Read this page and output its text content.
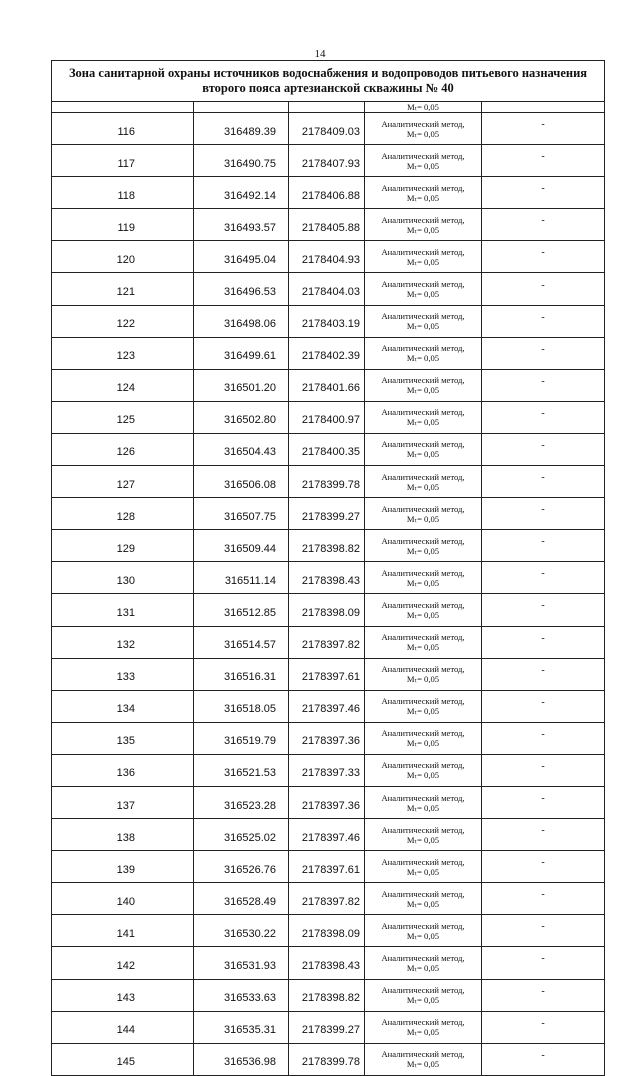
14
Зона санитарной охраны источников водоснабжения и водопроводов питьевого назначения второго пояса артезианской скважины № 40				
			Mₜ= 0,05	
116	316489.39	2178409.03	Аналитический метод,
Mₜ= 0,05	-
117	316490.75	2178407.93	Аналитический метод,
Mₜ= 0,05	-
118	316492.14	2178406.88	Аналитический метод,
Mₜ= 0,05	-
119	316493.57	2178405.88	Аналитический метод,
Mₜ= 0,05	-
120	316495.04	2178404.93	Аналитический метод,
Mₜ= 0,05	-
121	316496.53	2178404.03	Аналитический метод,
Mₜ= 0,05	-
122	316498.06	2178403.19	Аналитический метод,
Mₜ= 0,05	-
123	316499.61	2178402.39	Аналитический метод,
Mₜ= 0,05	-
124	316501.20	2178401.66	Аналитический метод,
Mₜ= 0,05	-
125	316502.80	2178400.97	Аналитический метод,
Mₜ= 0,05	-
126	316504.43	2178400.35	Аналитический метод,
Mₜ= 0,05	-
127	316506.08	2178399.78	Аналитический метод,
Mₜ= 0,05	-
128	316507.75	2178399.27	Аналитический метод,
Mₜ= 0,05	-
129	316509.44	2178398.82	Аналитический метод,
Mₜ= 0,05	-
130	316511.14	2178398.43	Аналитический метод,
Mₜ= 0,05	-
131	316512.85	2178398.09	Аналитический метод,
Mₜ= 0,05	-
132	316514.57	2178397.82	Аналитический метод,
Mₜ= 0,05	-
133	316516.31	2178397.61	Аналитический метод,
Mₜ= 0,05	-
134	316518.05	2178397.46	Аналитический метод,
Mₜ= 0,05	-
135	316519.79	2178397.36	Аналитический метод,
Mₜ= 0,05	-
136	316521.53	2178397.33	Аналитический метод,
Mₜ= 0,05	-
137	316523.28	2178397.36	Аналитический метод,
Mₜ= 0,05	-
138	316525.02	2178397.46	Аналитический метод,
Mₜ= 0,05	-
139	316526.76	2178397.61	Аналитический метод,
Mₜ= 0,05	-
140	316528.49	2178397.82	Аналитический метод,
Mₜ= 0,05	-
141	316530.22	2178398.09	Аналитический метод,
Mₜ= 0,05	-
142	316531.93	2178398.43	Аналитический метод,
Mₜ= 0,05	-
143	316533.63	2178398.82	Аналитический метод,
Mₜ= 0,05	-
144	316535.31	2178399.27	Аналитический метод,
Mₜ= 0,05	-
145	316536.98	2178399.78	Аналитический метод,
Mₜ= 0,05	-
